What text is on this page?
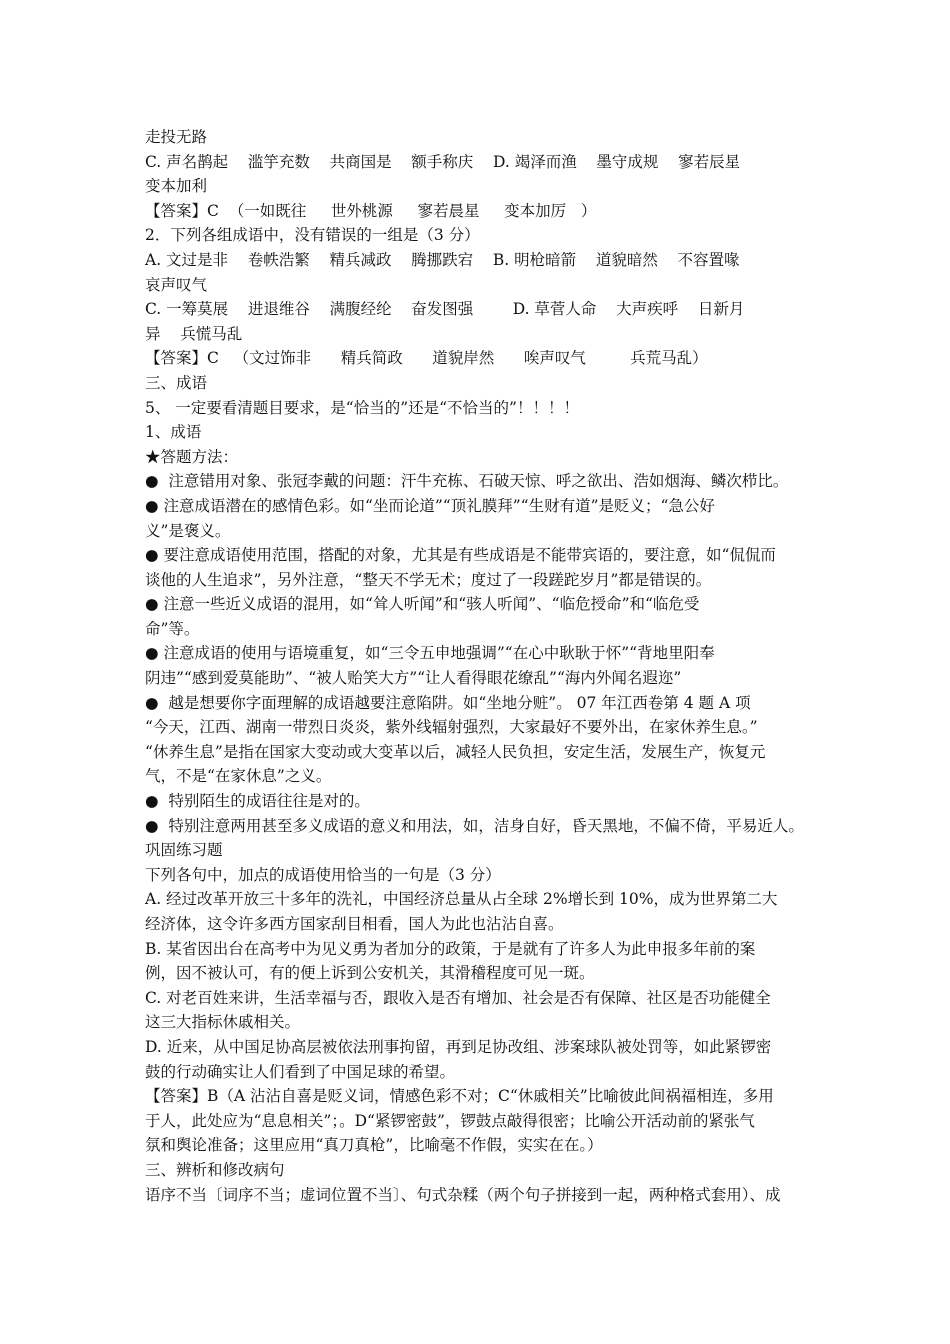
走投无路
C. 声名鹊起    滥竽充数    共商国是    额手称庆    D. 竭泽而渔    墨守成规    寥若辰星
变本加利
【答案】C  （一如既往     世外桃源     寥若晨星     变本加厉   ）
2．下列各组成语中，没有错误的一组是（3 分）
A. 文过是非    卷帙浩繁    精兵减政    腾挪跌宕    B. 明枪暗箭    道貌暗然    不容置喙
哀声叹气
C. 一筹莫展    进退维谷    满腹经纶    奋发图强        D. 草菅人命    大声疾呼    日新月
异    兵慌马乱
【答案】C   （文过饰非      精兵简政      道貌岸然      唉声叹气         兵荒马乱）
三、成语
5、 一定要看清题目要求，是“恰当的”还是“不恰当的”！！！！
1、成语
★答题方法：
●  注意错用对象、张冠李戴的问题：汗牛充栋、石破天惊、呼之欲出、浩如烟海、鳞次栉比。
● 注意成语潜在的感情色彩。如“坐而论道”“顶礼膜拜”“生财有道”是贬义；“急公好
义”是褒义。
● 要注意成语使用范围，搭配的对象，尤其是有些成语是不能带宾语的，要注意，如“侃侃而
谈他的人生追求”，另外注意，“整天不学无术；度过了一段蹉跎岁月”都是错误的。
● 注意一些近义成语的混用，如“耸人听闻”和“骇人听闻”、“临危授命”和“临危受
命”等。
● 注意成语的使用与语境重复，如“三令五申地强调”“在心中耿耿于怀”“背地里阳奉
阴违”“感到爱莫能助”、“被人贻笑大方”“让人看得眼花缭乱”“海内外闻名遐迩”
●  越是想要你字面理解的成语越要注意陷阱。如“坐地分赃”。 07 年江西卷第 4 题 A 项
“今天，江西、湖南一带烈日炎炎，紫外线辐射强烈，大家最好不要外出，在家休养生息。”
“休养生息”是指在国家大变动或大变革以后，减轻人民负担，安定生活，发展生产，恢复元
气，不是“在家休息”之义。
●  特别陌生的成语往往是对的。
●  特别注意两用甚至多义成语的意义和用法，如，洁身自好，昏天黑地，不偏不倚，平易近人。
巩固练习题
下列各句中，加点的成语使用恰当的一句是（3 分）
A. 经过改革开放三十多年的洗礼，中国经济总量从占全球 2%增长到 10%，成为世界第二大
经济体，这令许多西方国家刮目相看，国人为此也沾沾自喜。
B. 某省因出台在高考中为见义勇为者加分的政策，于是就有了许多人为此申报多年前的案
例，因不被认可，有的便上诉到公安机关，其滑稽程度可见一斑。
C. 对老百姓来讲，生活幸福与否，跟收入是否有增加、社会是否有保障、社区是否功能健全
这三大指标休戚相关。
D. 近来，从中国足协高层被依法刑事拘留，再到足协改组、涉案球队被处罚等，如此紧锣密
鼓的行动确实让人们看到了中国足球的希望。
【答案】B（A 沾沾自喜是贬义词，情感色彩不对；C“休戚相关”比喻彼此间祸福相连，多用
于人，此处应为“息息相关”；。D“紧锣密鼓”，锣鼓点敲得很密；比喻公开活动前的紧张气
氛和舆论准备；这里应用“真刀真枪”，比喻毫不作假，实实在在。）
三、辨析和修改病句
语序不当〔词序不当；虚词位置不当〕、句式杂糅（两个句子拼接到一起，两种格式套用）、成
